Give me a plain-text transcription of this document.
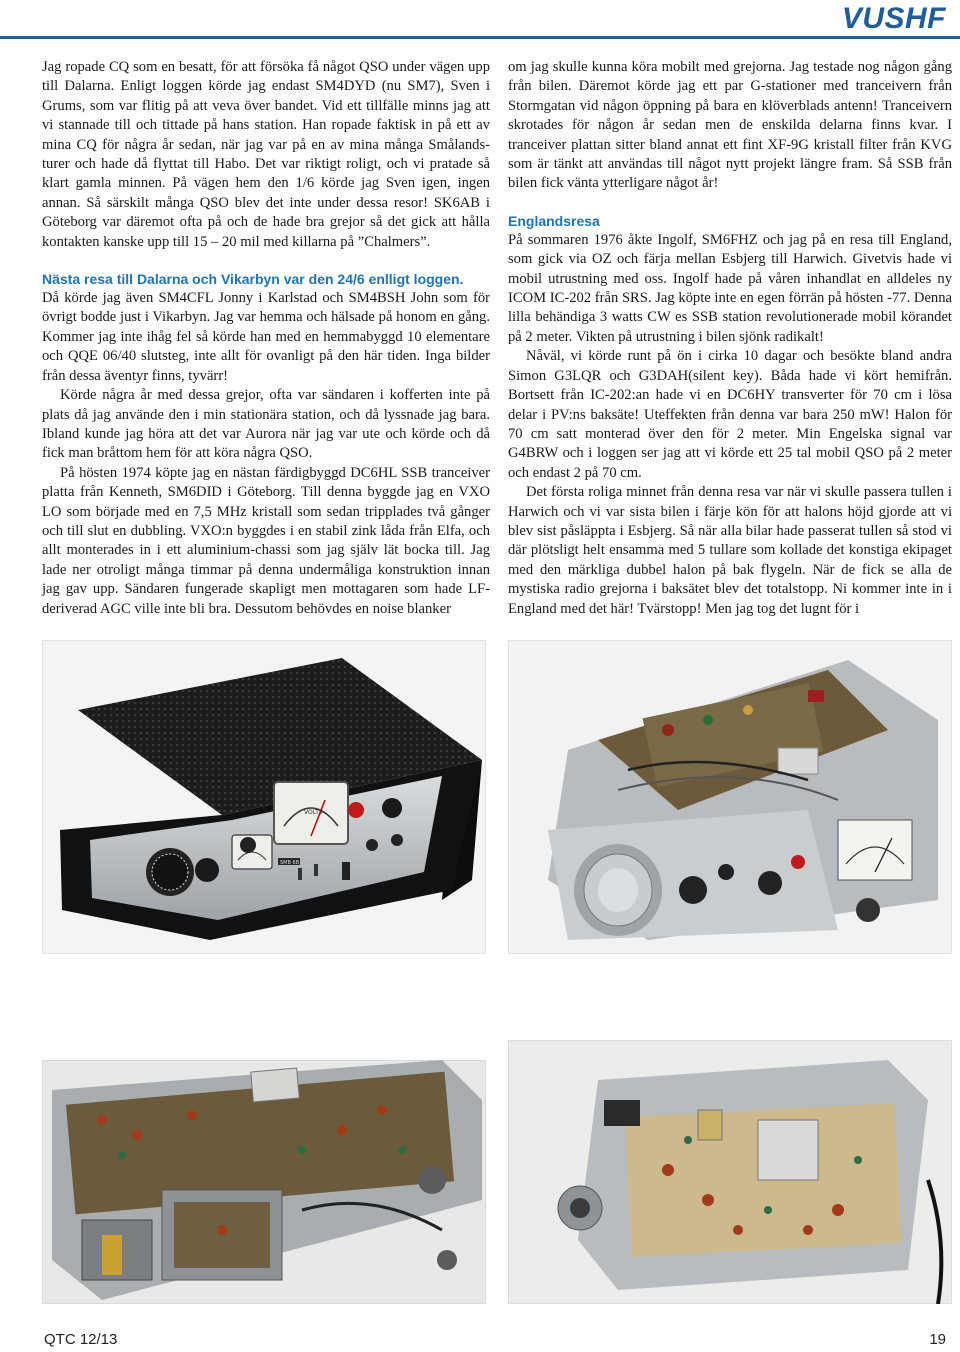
VUSHF

Jag ropade CQ som en besatt, för att försöka få något QSO under vägen upp till Dalarna. Enligt loggen körde jag endast SM4DYD (nu SM7), Sven i Grums, som var flitig på att veva över bandet. Vid ett tillfälle minns jag att vi stannade till och tittade på hans station. Han ropade faktisk in på ett av mina CQ för några år sedan, när jag var på en av mina många Smålands-turer och hade då flyttat till Habo. Det var riktigt roligt, och vi pratade så klart gamla minnen. På vägen hem den 1/6 körde jag Sven igen, ingen annan. Så särskilt många QSO blev det inte under dessa resor! SK6AB i Göteborg var däremot ofta på och de hade bra grejor så det gick att hålla kontakten kanske upp till 15 – 20 mil med killarna på ”Chalmers”.

Nästa resa till Dalarna och Vikarbyn var den 24/6 enlligt loggen.

Då körde jag även SM4CFL Jonny i Karlstad och SM4BSH John som för övrigt bodde just i Vikarbyn. Jag var hemma och hälsade på honom en gång. Kommer jag inte ihåg fel så körde han med en hemmabyggd 10 elementare och QQE 06/40 slutsteg, inte allt för ovanligt på den här tiden. Inga bilder från dessa äventyr finns, tyvärr!

Körde några år med dessa grejor, ofta var sändaren i kofferten inte på plats då jag använde den i min stationära station, och då lyssnade jag bara. Ibland kunde jag höra att det var Aurora när jag var ute och körde och då fick man bråttom hem för att köra några QSO.

På hösten 1974 köpte jag en nästan färdigbyggd DC6HL SSB tranceiver platta från Kenneth, SM6DID i Göteborg. Till denna byggde jag en VXO LO som började med en 7,5 MHz kristall som sedan tripplades två gånger och till slut en dubbling. VXO:n byggdes i en stabil zink låda från Elfa, och allt monterades in i ett aluminium-chassi som jag själv lät bocka till. Jag lade ner otroligt många timmar på denna undermåliga konstruktion innan jag gav upp. Sändaren fungerade skapligt men mottagaren som hade LF-deriverad AGC ville inte bli bra. Dessutom behövdes en noise blanker

om jag skulle kunna köra mobilt med grejorna. Jag testade nog någon gång från bilen. Däremot körde jag ett par G-stationer med tranceivern från Stormgatan vid någon öppning på bara en klöverblads antenn! Tranceivern skrotades för någon år sedan men de enskilda delarna finns kvar. I tranceiver plattan sitter bland annat ett fint XF-9G kristall filter från KVG som är tänkt att användas till något nytt projekt längre fram. Så SSB från bilen fick vänta ytterligare något år!

Englandsresa

På sommaren 1976 åkte Ingolf, SM6FHZ och jag på en resa till England, som gick via OZ och färja mellan Esbjerg till Harwich. Givetvis hade vi mobil utrustning med oss. Ingolf hade på våren inhandlat en alldeles ny ICOM IC-202 från SRS. Jag köpte inte en egen förrän på hösten -77. Denna lilla behändiga 3 watts CW es SSB station revolutionerade mobil körandet på 2 meter. Vikten på utrustning i bilen sjönk radikalt!

Nåväl, vi körde runt på ön i cirka 10 dagar och besökte bland andra Simon G3LQR och G3DAH(silent key). Båda hade vi kört hemifrån. Bortsett från IC-202:an hade vi en DC6HY transverter för 70 cm i lösa delar i PV:ns baksäte! Uteffekten från denna var bara 250 mW! Halon för 70 cm satt monterad över den för 2 meter. Min Engelska signal var G4BRW och i loggen ser jag att vi körde ett 25 tal mobil QSO på 2 meter och endast 2 på 70 cm.

Det första roliga minnet från denna resa var när vi skulle passera tullen i Harwich och vi var sista bilen i färje kön för att halons höjd gjorde att vi blev sist påsläppta i Esbjerg. Så när alla bilar hade passerat tullen så stod vi där plötsligt helt ensamma med 5 tullare som kollade det konstiga ekipaget med den märkliga dubbel halon på bak flygeln. När de fick se alla de mystiska radio grejorna i baksätet blev det totalstopp. Ni kommer inte in i England med det här! Tvärstopp! Men jag tog det lugnt för i

VOLTS
SMB 6B
QTC 12/13	19
